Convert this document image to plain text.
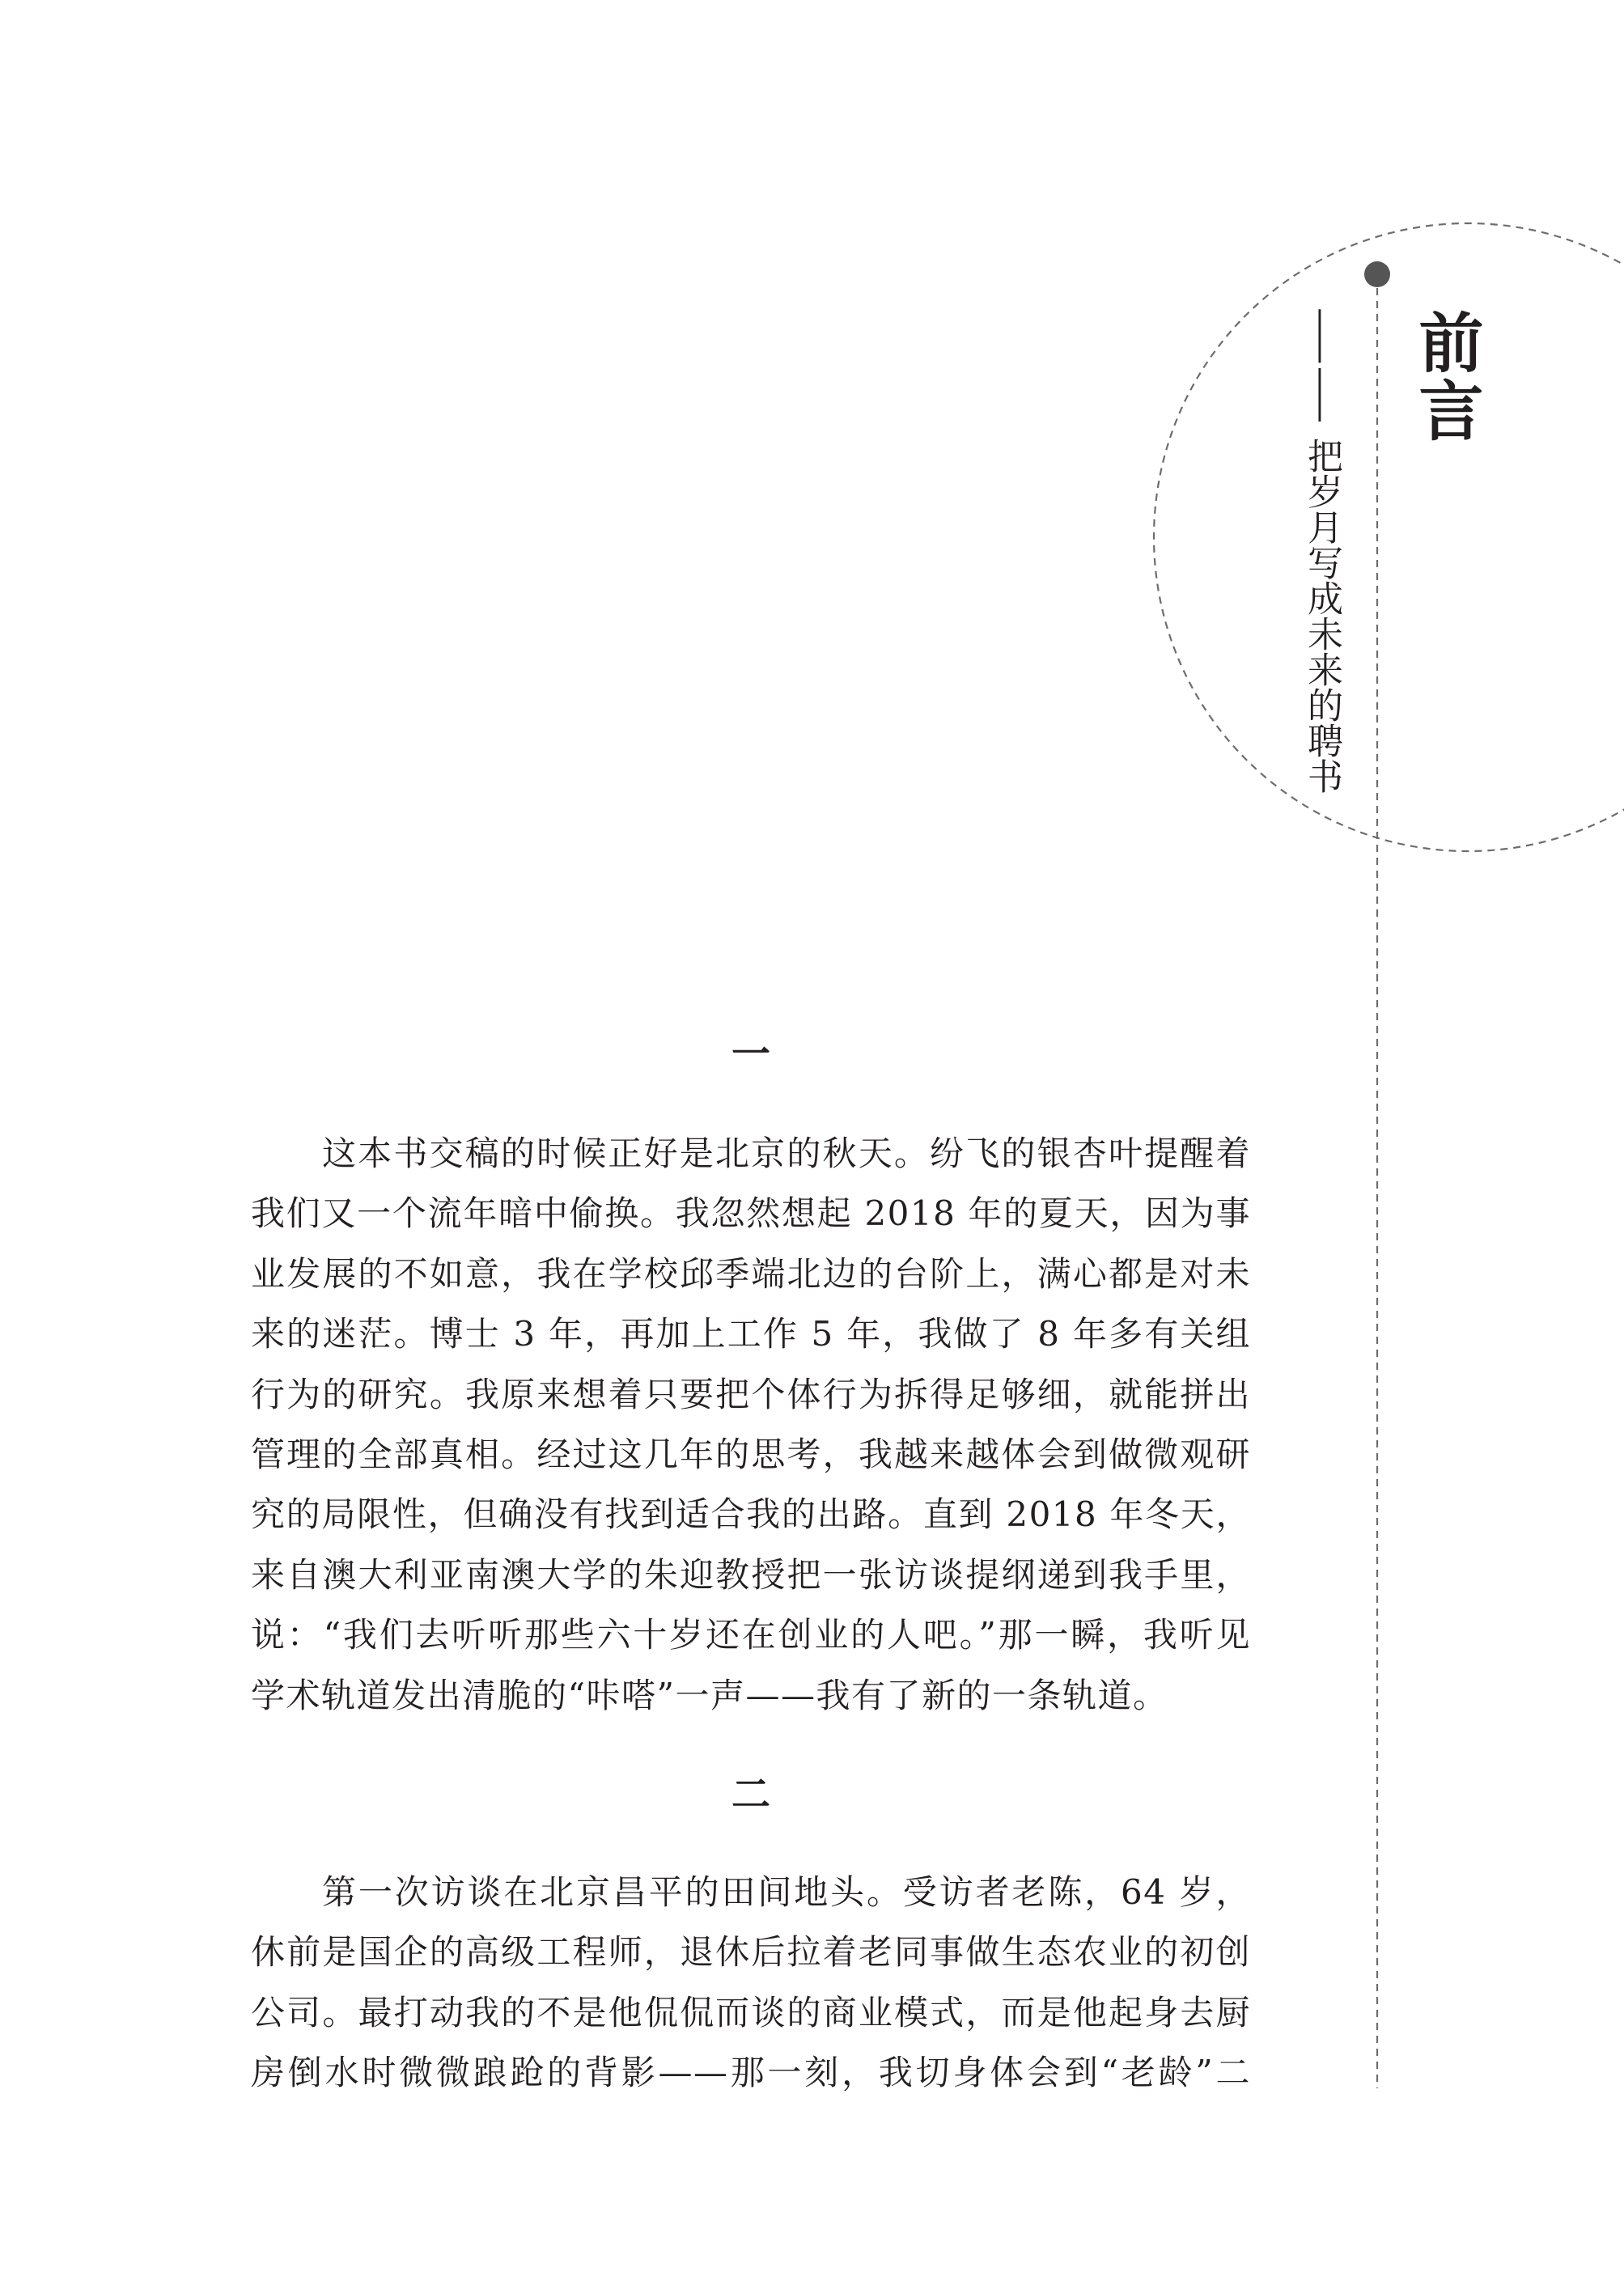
前言
——
把岁月写成未来的聘书
一
这本书交稿的时候正好是北京的秋天。纷飞的银杏叶提醒着
我们又一个流年暗中偷换。我忽然想起 2018 年的夏天，因为事
业发展的不如意，我在学校邱季端北边的台阶上，满心都是对未
来的迷茫。博士 3 年，再加上工作 5 年，我做了 8 年多有关组
行为的研究。我原来想着只要把个体行为拆得足够细，就能拼出
管理的全部真相。经过这几年的思考，我越来越体会到做微观研
究的局限性，但确没有找到适合我的出路。直到 2018 年冬天，
来自澳大利亚南澳大学的朱迎教授把一张访谈提纲递到我手里，
说：“我们去听听那些六十岁还在创业的人吧。”那一瞬，我听见
学术轨道发出清脆的“咔嗒”一声——我有了新的一条轨道。
二
第一次访谈在北京昌平的田间地头。受访者老陈，64 岁，
休前是国企的高级工程师，退休后拉着老同事做生态农业的初创
公司。最打动我的不是他侃侃而谈的商业模式，而是他起身去厨
房倒水时微微踉跄的背影——那一刻，我切身体会到“老龄”二
